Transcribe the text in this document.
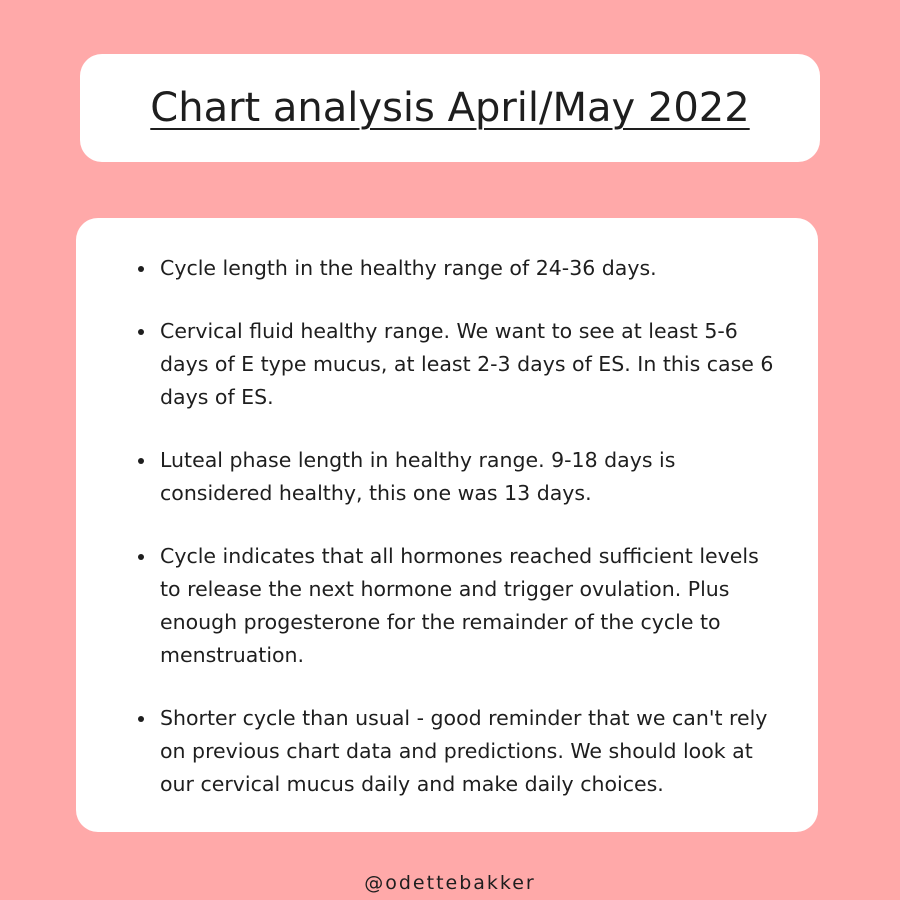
Chart analysis April/May 2022
Cycle length in the healthy range of 24-36 days.
Cervical fluid healthy range. We want to see at least 5-6 days of E type mucus, at least 2-3 days of ES. In this case 6 days of ES.
Luteal phase length in healthy range. 9-18 days is considered healthy, this one was 13 days.
Cycle indicates that all hormones reached sufficient levels to release the next hormone and trigger ovulation. Plus enough progesterone for the remainder of the cycle to menstruation.
Shorter cycle than usual - good reminder that we can't rely on previous chart data and predictions. We should look at our cervical mucus daily and make daily choices.
@odettebakker
